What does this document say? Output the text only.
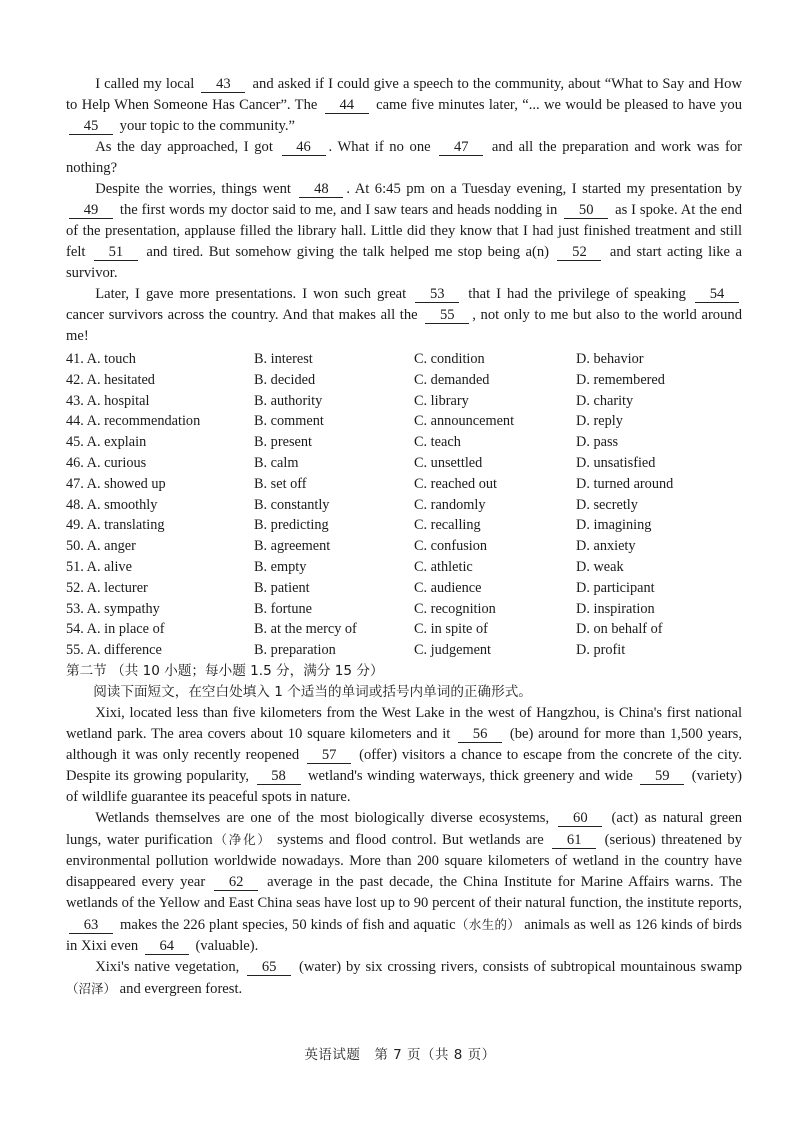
I called my local 43 and asked if I could give a speech to the community, about “What to Say and How to Help When Someone Has Cancer”. The 44 came five minutes later, “... we would be pleased to have you 45 your topic to the community.”

As the day approached, I got 46 . What if no one 47 and all the preparation and work was for nothing?

Despite the worries, things went 48 . At 6:45 pm on a Tuesday evening, I started my presentation by 49 the first words my doctor said to me, and I saw tears and heads nodding in 50 as I spoke. At the end of the presentation, applause filled the library hall. Little did they know that I had just finished treatment and still felt 51 and tired. But somehow giving the talk helped me stop being a(n) 52 and start acting like a survivor.

Later, I gave more presentations. I won such great 53 that I had the privilege of speaking 54 cancer survivors across the country. And that makes all the 55 , not only to me but also to the world around me!

41. A. touch	B. interest	C. condition	D. behavior
42. A. hesitated	B. decided	C. demanded	D. remembered
43. A. hospital	B. authority	C. library	D. charity
44. A. recommendation	B. comment	C. announcement	D. reply
45. A. explain	B. present	C. teach	D. pass
46. A. curious	B. calm	C. unsettled	D. unsatisfied
47. A. showed up	B. set off	C. reached out	D. turned around
48. A. smoothly	B. constantly	C. randomly	D. secretly
49. A. translating	B. predicting	C. recalling	D. imagining
50. A. anger	B. agreement	C. confusion	D. anxiety
51. A. alive	B. empty	C. athletic	D. weak
52. A. lecturer	B. patient	C. audience	D. participant
53. A. sympathy	B. fortune	C. recognition	D. inspiration
54. A. in place of	B. at the mercy of	C. in spite of	D. on behalf of
55. A. difference	B. preparation	C. judgement	D. profit
第二节 （共 10 小题；每小题 1.5 分，满分 15 分）
阅读下面短文，在空白处填入 1 个适当的单词或括号内单词的正确形式。

Xixi, located less than five kilometers from the West Lake in the west of Hangzhou, is China's first national wetland park. The area covers about 10 square kilometers and it 56 (be) around for more than 1,500 years, although it was only recently reopened 57 (offer) visitors a chance to escape from the concrete of the city. Despite its growing popularity, 58 wetland's winding waterways, thick greenery and wide 59 (variety) of wildlife guarantee its peaceful spots in nature.

Wetlands themselves are one of the most biologically diverse ecosystems, 60 (act) as natural green lungs, water purification（净化） systems and flood control. But wetlands are 61 (serious) threatened by environmental pollution worldwide nowadays. More than 200 square kilometers of wetland in the country have disappeared every year 62 average in the past decade, the China Institute for Marine Affairs warns. The wetlands of the Yellow and East China seas have lost up to 90 percent of their natural function, the institute reports, 63 makes the 226 plant species, 50 kinds of fish and aquatic（水生的） animals as well as 126 kinds of birds in Xixi even 64 (valuable).

Xixi's native vegetation, 65 (water) by six crossing rivers, consists of subtropical mountainous swamp（沼泽） and evergreen forest.

英语试题　第 7 页（共 8 页）
